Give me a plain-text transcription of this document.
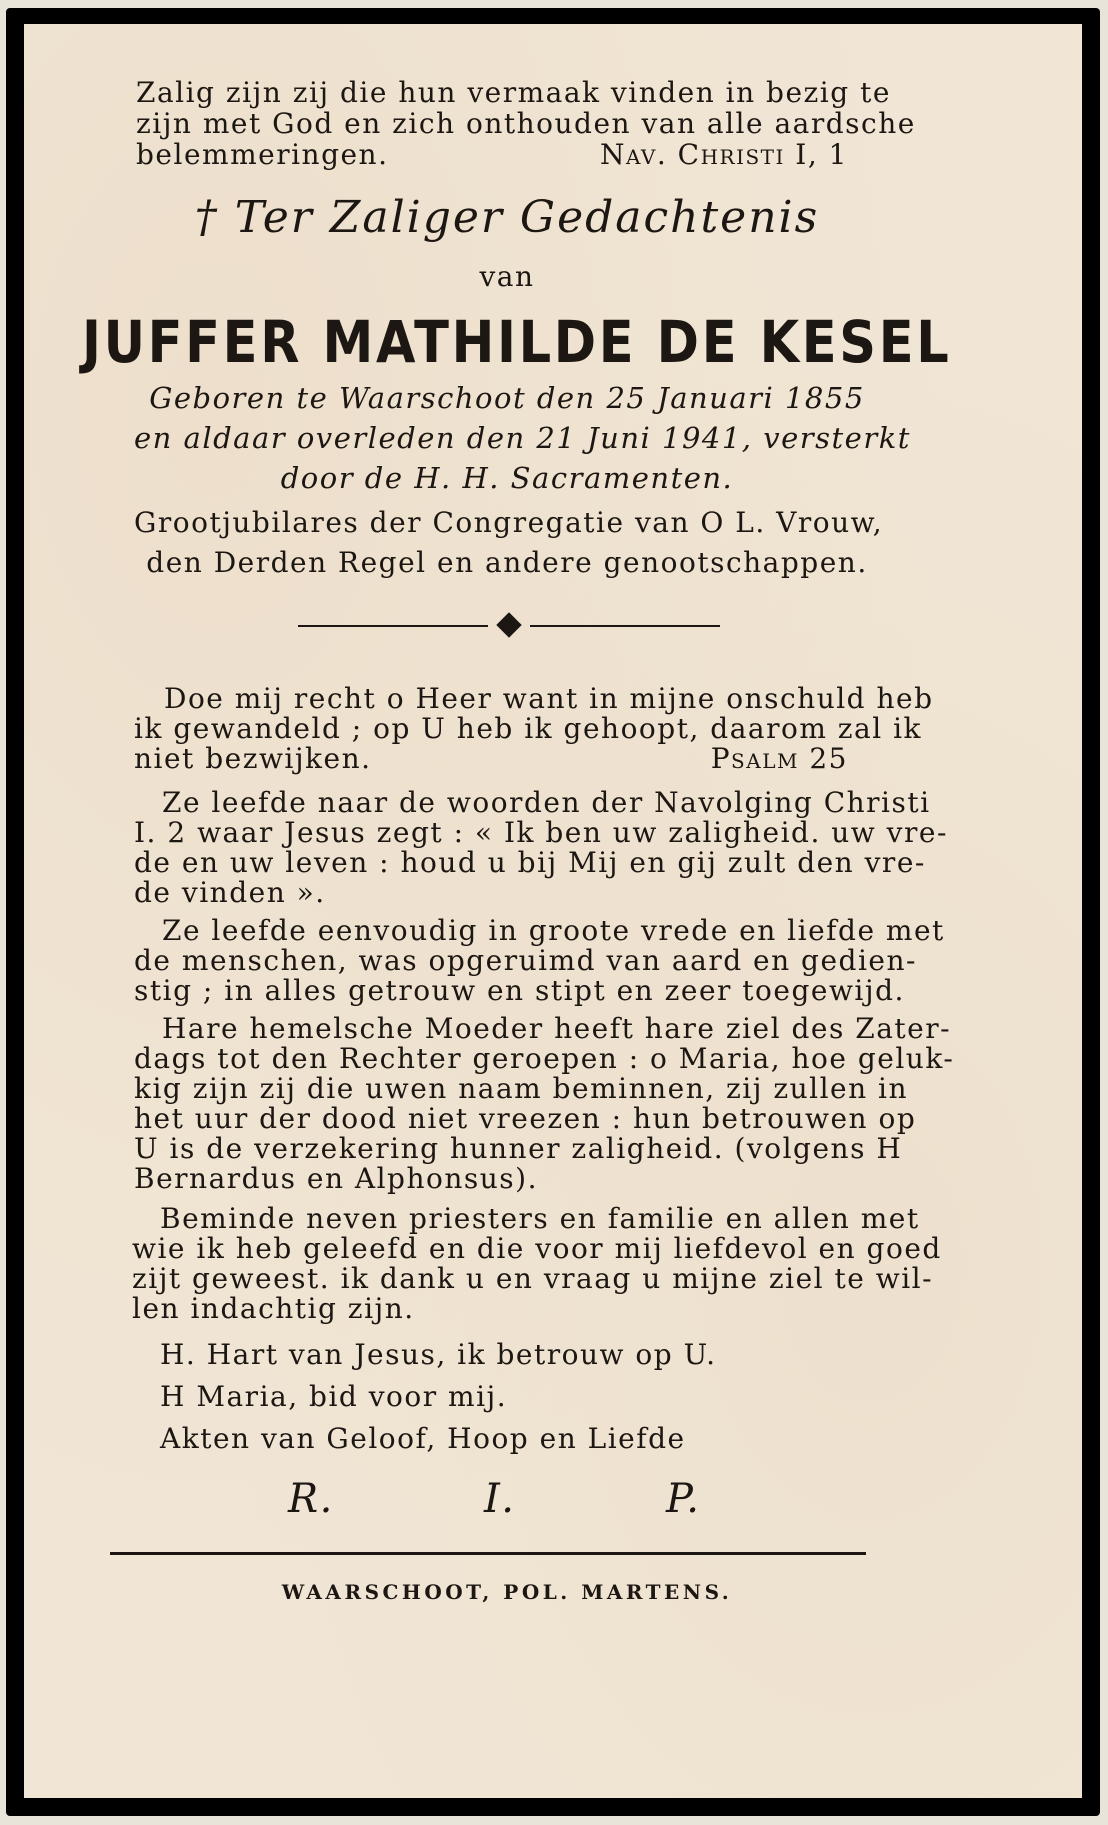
Zalig zijn zij die hun vermaak vinden in bezig te
zijn met God en zich onthouden van alle aardsche
belemmeringen.	Nav. Christi I, 1
† Ter Zaliger Gedachtenis
van
JUFFER MATHILDE DE KESEL
Geboren te Waarschoot den 25 Januari 1855
en aldaar overleden den 21 Juni 1941, versterkt
door de H. H. Sacramenten.
Grootjubilares der Congregatie van O L. Vrouw,
den Derden Regel en andere genootschappen.
Doe mij recht o Heer want in mijne onschuld heb
ik gewandeld ; op U heb ik gehoopt, daarom zal ik
niet bezwijken.	Psalm 25
Ze leefde naar de woorden der Navolging Christi
I. 2 waar Jesus zegt : « Ik ben uw zaligheid. uw vre-
de en uw leven : houd u bij Mij en gij zult den vre-
de vinden ».
Ze leefde eenvoudig in groote vrede en liefde met
de menschen, was opgeruimd van aard en gedien-
stig ; in alles getrouw en stipt en zeer toegewijd.
Hare hemelsche Moeder heeft hare ziel des Zater-
dags tot den Rechter geroepen : o Maria, hoe geluk-
kig zijn zij die uwen naam beminnen, zij zullen in
het uur der dood niet vreezen : hun betrouwen op
U is de verzekering hunner zaligheid. (volgens H
Bernardus en Alphonsus).
Beminde neven priesters en familie en allen met
wie ik heb geleefd en die voor mij liefdevol en goed
zijt geweest. ik dank u en vraag u mijne ziel te wil-
len indachtig zijn.
H. Hart van Jesus, ik betrouw op U.
H Maria, bid voor mij.
Akten van Geloof, Hoop en Liefde
R.	I.	P.
WAARSCHOOT, POL. MARTENS.
